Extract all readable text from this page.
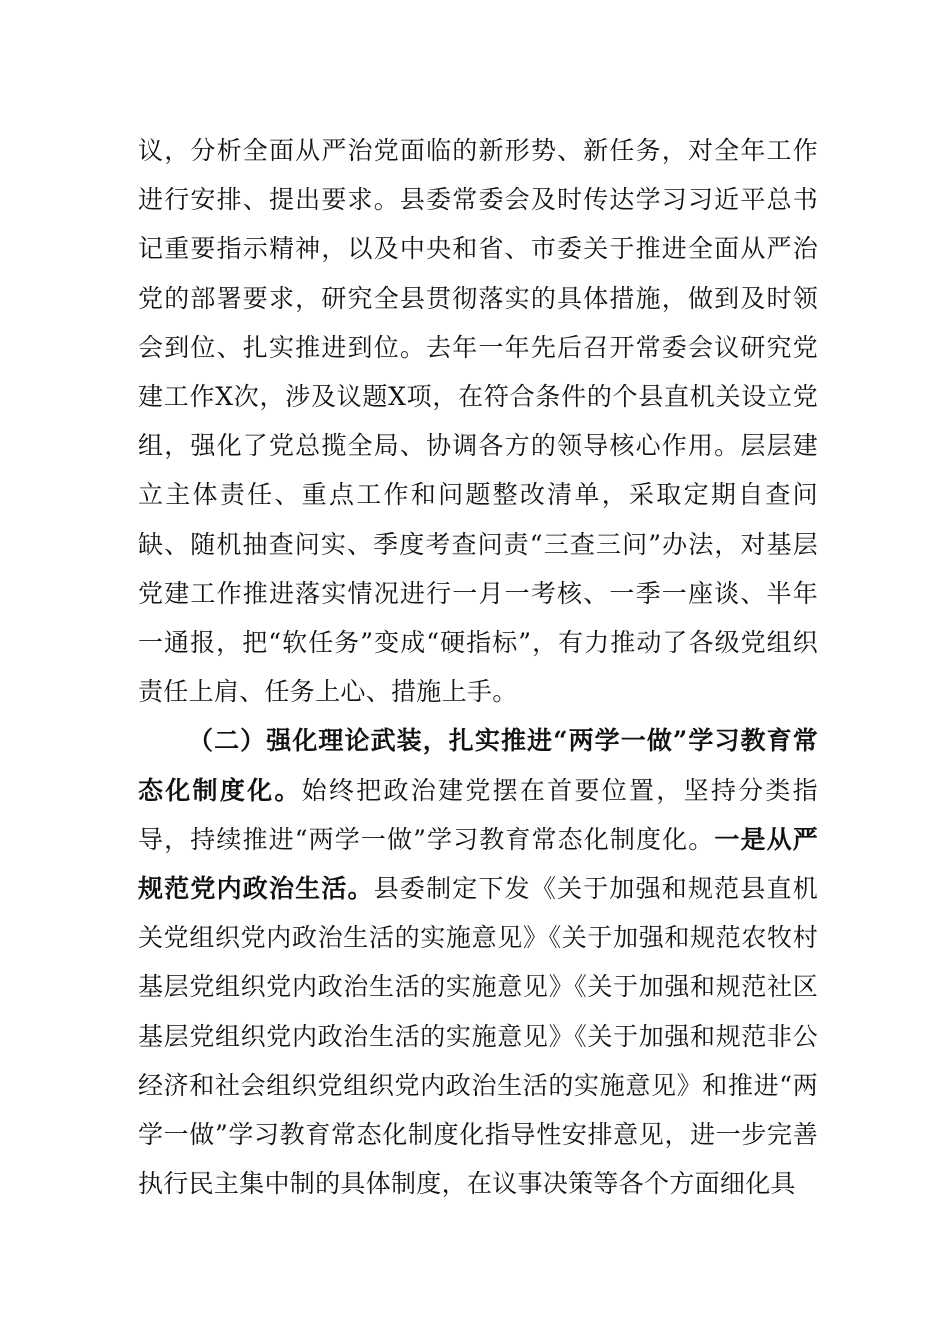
议，分析全面从严治党面临的新形势、新任务，对全年工作进行安排、提出要求。县委常委会及时传达学习习近平总书记重要指示精神，以及中央和省、市委关于推进全面从严治党的部署要求，研究全县贯彻落实的具体措施，做到及时领会到位、扎实推进到位。去年一年先后召开常委会议研究党建工作X次，涉及议题X项，在符合条件的个县直机关设立党组，强化了党总揽全局、协调各方的领导核心作用。层层建立主体责任、重点工作和问题整改清单，采取定期自查问缺、随机抽查问实、季度考查问责“三查三问”办法，对基层党建工作推进落实情况进行一月一考核、一季一座谈、半年一通报，把“软任务”变成“硬指标”，有力推动了各级党组织责任上肩、任务上心、措施上手。

（二）强化理论武装，扎实推进“两学一做”学习教育常态化制度化。始终把政治建党摆在首要位置，坚持分类指导，持续推进“两学一做”学习教育常态化制度化。一是从严规范党内政治生活。县委制定下发《关于加强和规范县直机关党组织党内政治生活的实施意见》《关于加强和规范农牧村基层党组织党内政治生活的实施意见》《关于加强和规范社区基层党组织党内政治生活的实施意见》《关于加强和规范非公经济和社会组织党组织党内政治生活的实施意见》和推进“两学一做”学习教育常态化制度化指导性安排意见，进一步完善执行民主集中制的具体制度，在议事决策等各个方面细化具
